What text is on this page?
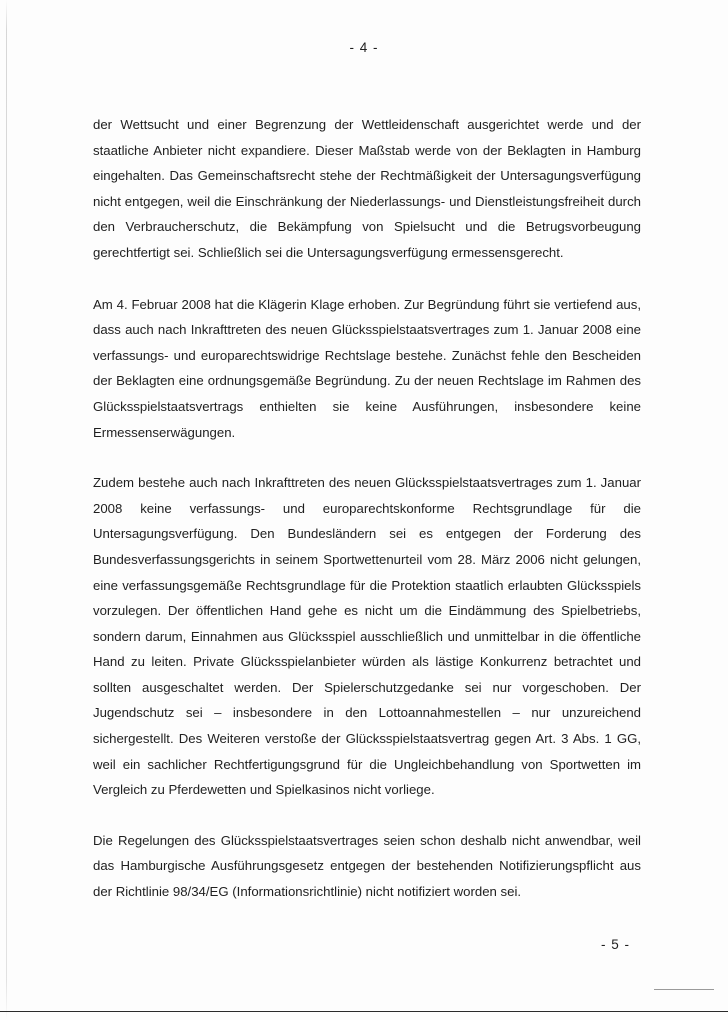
- 4 -

der Wettsucht und einer Begrenzung der Wettleidenschaft ausgerichtet werde und der staatliche Anbieter nicht expandiere. Dieser Maßstab werde von der Beklagten in Hamburg eingehalten. Das Gemeinschaftsrecht stehe der Rechtmäßigkeit der Untersagungsverfügung nicht entgegen, weil die Einschränkung der Niederlassungs- und Dienstleistungsfreiheit durch den Verbraucherschutz, die Bekämpfung von Spielsucht und die Betrugsvorbeugung gerechtfertigt sei. Schließlich sei die Untersagungsverfügung ermessensgerecht.

Am 4. Februar 2008 hat die Klägerin Klage erhoben. Zur Begründung führt sie vertiefend aus, dass auch nach Inkrafttreten des neuen Glücksspielstaatsvertrages zum 1. Januar 2008 eine verfassungs- und europarechtswidrige Rechtslage bestehe. Zunächst fehle den Bescheiden der Beklagten eine ordnungsgemäße Begründung. Zu der neuen Rechtslage im Rahmen des Glücksspielstaatsvertrags enthielten sie keine Ausführungen, insbesondere keine Ermessenserwägungen.

Zudem bestehe auch nach Inkrafttreten des neuen Glücksspielstaatsvertrages zum 1. Januar 2008 keine verfassungs- und europarechtskonforme Rechtsgrundlage für die Untersagungsverfügung. Den Bundesländern sei es entgegen der Forderung des Bundesverfassungsgerichts in seinem Sportwettenurteil vom 28. März 2006 nicht gelungen, eine verfassungsgemäße Rechtsgrundlage für die Protektion staatlich erlaubten Glücksspiels vorzulegen. Der öffentlichen Hand gehe es nicht um die Eindämmung des Spielbetriebs, sondern darum, Einnahmen aus Glücksspiel ausschließlich und unmittelbar in die öffentliche Hand zu leiten. Private Glücksspielanbieter würden als lästige Konkurrenz betrachtet und sollten ausgeschaltet werden. Der Spielerschutzgedanke sei nur vorgeschoben. Der Jugendschutz sei – insbesondere in den Lottoannahmestellen – nur unzureichend sichergestellt. Des Weiteren verstoße der Glücksspielstaatsvertrag gegen Art. 3 Abs. 1 GG, weil ein sachlicher Rechtfertigungsgrund für die Ungleichbehandlung von Sportwetten im Vergleich zu Pferdewetten und Spielkasinos nicht vorliege.

Die Regelungen des Glücksspielstaatsvertrages seien schon deshalb nicht anwendbar, weil das Hamburgische Ausführungsgesetz entgegen der bestehenden Notifizierungspflicht aus der Richtlinie 98/34/EG (Informationsrichtlinie) nicht notifiziert worden sei.

- 5 -
